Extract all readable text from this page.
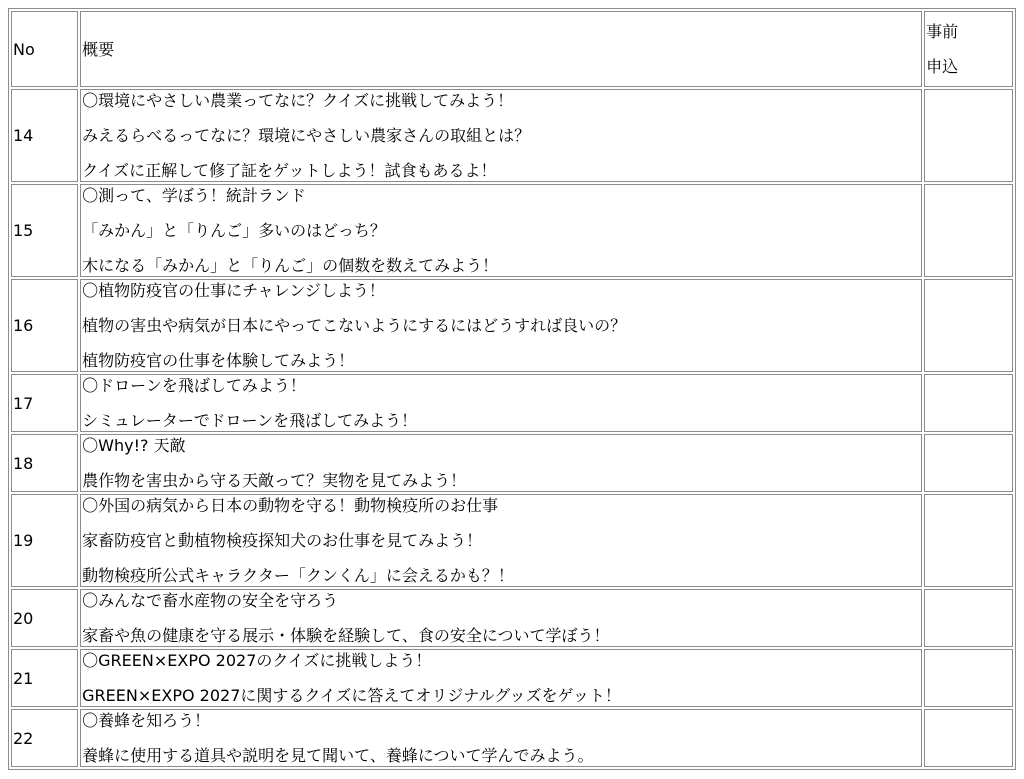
No	概要	事前
申込

14	〇環境にやさしい農業ってなに？クイズに挑戦してみよう！
みえるらべるってなに？環境にやさしい農家さんの取組とは？
クイズに正解して修了証をゲットしよう！試食もあるよ！	

15	〇測って、学ぼう！統計ランド
「みかん」と「りんご」多いのはどっち？
木になる「みかん」と「りんご」の個数を数えてみよう！	

16	〇植物防疫官の仕事にチャレンジしよう！
植物の害虫や病気が日本にやってこないようにするにはどうすれば良いの？
植物防疫官の仕事を体験してみよう！	

17	〇ドローンを飛ばしてみよう！
シミュレーターでドローンを飛ばしてみよう！	

18	〇Why!? 天敵
農作物を害虫から守る天敵って？実物を見てみよう！	

19	〇外国の病気から日本の動物を守る！動物検疫所のお仕事
家畜防疫官と動植物検疫探知犬のお仕事を見てみよう！
動物検疫所公式キャラクター「クンくん」に会えるかも？！	

20	〇みんなで畜水産物の安全を守ろう
家畜や魚の健康を守る展示・体験を経験して、食の安全について学ぼう！	

21	〇GREEN×EXPO 2027のクイズに挑戦しよう！
GREEN×EXPO 2027に関するクイズに答えてオリジナルグッズをゲット！	

22	〇養蜂を知ろう！
養蜂に使用する道具や説明を見て聞いて、養蜂について学んでみよう。	
